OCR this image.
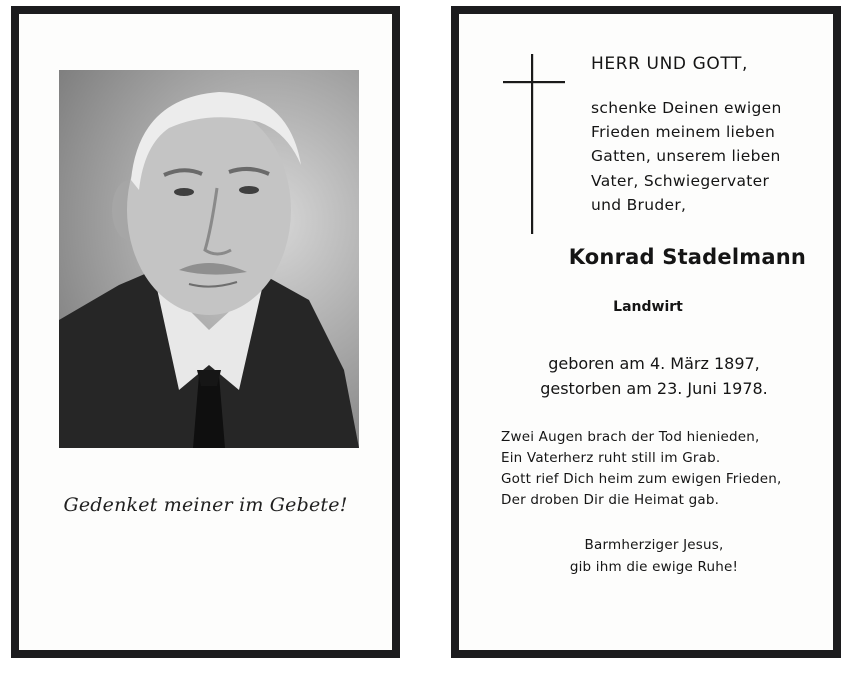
Gedenket meiner im Gebete!
HERR UND GOTT,
schenke Deinen ewigen
Frieden meinem lieben
Gatten, unserem lieben
Vater, Schwiegervater
und Bruder,
Konrad Stadelmann
Landwirt
geboren am 4. März 1897,
gestorben am 23. Juni 1978.
Zwei Augen brach der Tod hienieden,
Ein Vaterherz ruht still im Grab.
Gott rief Dich heim zum ewigen Frieden,
Der droben Dir die Heimat gab.
Barmherziger Jesus,
gib ihm die ewige Ruhe!
